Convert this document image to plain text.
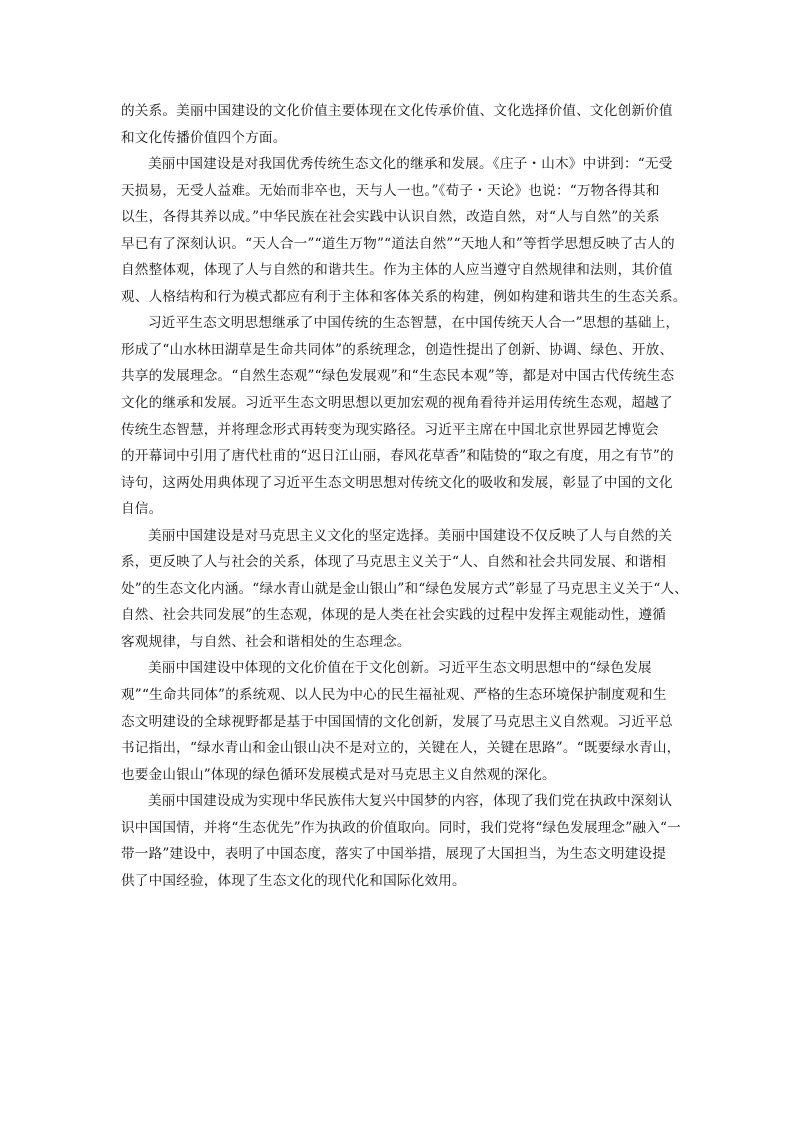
的关系。美丽中国建设的文化价值主要体现在文化传承价值、文化选择价值、文化创新价值
和文化传播价值四个方面。
美丽中国建设是对我国优秀传统生态文化的继承和发展。《庄子・山木》中讲到：“无受
天损易，无受人益难。无始而非卒也，天与人一也。”《荀子・天论》也说：“万物各得其和
以生，各得其养以成。”中华民族在社会实践中认识自然，改造自然，对“人与自然”的关系
早已有了深刻认识。“天人合一”“道生万物”“道法自然”“天地人和”等哲学思想反映了古人的
自然整体观，体现了人与自然的和谐共生。作为主体的人应当遵守自然规律和法则，其价值
观、人格结构和行为模式都应有利于主体和客体关系的构建，例如构建和谐共生的生态关系。
习近平生态文明思想继承了中国传统的生态智慧，在中国传统天人合一”思想的基础上，
形成了“山水林田湖草是生命共同体”的系统理念，创造性提出了创新、协调、绿色、开放、
共享的发展理念。“自然生态观”“绿色发展观”和“生态民本观”等，都是对中国古代传统生态
文化的继承和发展。习近平生态文明思想以更加宏观的视角看待并运用传统生态观，超越了
传统生态智慧，并将理念形式再转变为现实路径。习近平主席在中国北京世界园艺博览会
的开幕词中引用了唐代杜甫的“迟日江山丽，春风花草香”和陆贽的“取之有度，用之有节”的
诗句，这两处用典体现了习近平生态文明思想对传统文化的吸收和发展，彰显了中国的文化
自信。
美丽中国建设是对马克思主义文化的坚定选择。美丽中国建设不仅反映了人与自然的关
系，更反映了人与社会的关系，体现了马克思主义关于“人、自然和社会共同发展、和谐相
处”的生态文化内涵。“绿水青山就是金山银山”和“绿色发展方式”彰显了马克思主义关于“人、
自然、社会共同发展”的生态观，体现的是人类在社会实践的过程中发挥主观能动性，遵循
客观规律，与自然、社会和谐相处的生态理念。
美丽中国建设中体现的文化价值在于文化创新。习近平生态文明思想中的“绿色发展
观”“生命共同体”的系统观、以人民为中心的民生福祉观、严格的生态环境保护制度观和生
态文明建设的全球视野都是基于中国国情的文化创新，发展了马克思主义自然观。习近平总
书记指出，“绿水青山和金山银山决不是对立的，关键在人，关键在思路”。“既要绿水青山，
也要金山银山”体现的绿色循环发展模式是对马克思主义自然观的深化。
美丽中国建设成为实现中华民族伟大复兴中国梦的内容，体现了我们党在执政中深刻认
识中国国情，并将“生态优先”作为执政的价值取向。同时，我们党将“绿色发展理念”融入“一
带一路”建设中，表明了中国态度，落实了中国举措，展现了大国担当，为生态文明建设提
供了中国经验，体现了生态文化的现代化和国际化效用。
